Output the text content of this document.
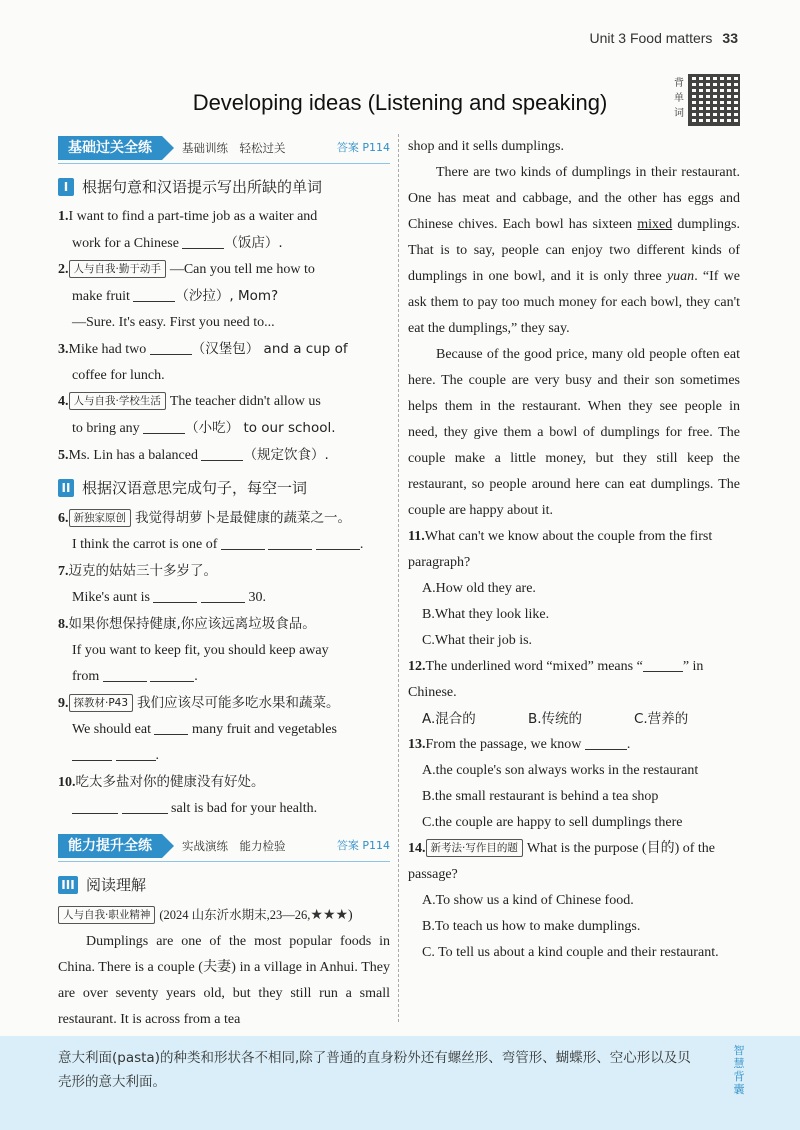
Unit 3 Food matters 33
Developing ideas (Listening and speaking)
背单词
基础过关全练	基础训练　轻松过关	答案 P114
I 根据句意和汉语提示写出所缺的单词

1.I want to find a part-time job as a waiter and

work for a Chinese	（饭店）.

2. 人与自我·勤于动手 —Can you tell me how to

make fruit	（沙拉）, Mom?

—Sure. It's easy. First you need to...

3.Mike had two	（汉堡包） and a cup of

coffee for lunch.

4. 人与自我·学校生活 The teacher didn't allow us

to bring any	（小吃） to our school.

5.Ms. Lin has a balanced	（规定饮食）.

II 根据汉语意思完成句子，每空一词

6. 新独家原创 我觉得胡萝卜是最健康的蔬菜之一。

I think the carrot is one of	.

7.迈克的姑姑三十多岁了。

Mike's aunt is	30.

8.如果你想保持健康,你应该远离垃圾食品。

If you want to keep fit, you should keep away

from	.

9. 探教材·P43 我们应该尽可能多吃水果和蔬菜。

We should eat	many fruit and vegetables

.

10.吃太多盐对你的健康没有好处。

salt is bad for your health.

能力提升全练	实战演练　能力检验	答案 P114
III 阅读理解

人与自我·职业精神 (2024 山东沂水期末,23—26,★★★)

Dumplings are one of the most popular foods in China. There is a couple (夫妻) in a village in Anhui. They are over seventy years old, but they still run a small restaurant. It is across from a tea

shop and it sells dumplings.

There are two kinds of dumplings in their restaurant. One has meat and cabbage, and the other has eggs and Chinese chives. Each bowl has sixteen mixed dumplings. That is to say, people can enjoy two different kinds of dumplings in one bowl, and it is only three yuan. “If we ask them to pay too much money for each bowl, they can't eat the dumplings,” they say.

Because of the good price, many old people often eat here. The couple are very busy and their son sometimes helps them in the restaurant. When they see people in need, they give them a bowl of dumplings for free. The couple make a little money, but they still keep the restaurant, so people around here can eat dumplings. The couple are happy about it.

11.What can't we know about the couple from the first paragraph?

A.How old they are.

B.What they look like.

C.What their job is.

12.The underlined word “mixed” means “	” in Chinese.

A.混合的	B.传统的	C.营养的

13.From the passage, we know	.

A.the couple's son always works in the restaurant

B.the small restaurant is behind a tea shop

C.the couple are happy to sell dumplings there

14. 新考法·写作目的题 What is the purpose (目的) of the passage?

A.To show us a kind of Chinese food.

B.To teach us how to make dumplings.

C. To tell us about a kind couple and their restaurant.

意大利面(pasta)的种类和形状各不相同,除了普通的直身粉外还有螺丝形、弯管形、蝴蝶形、空心形以及贝壳形的意大利面。
智慧背囊
